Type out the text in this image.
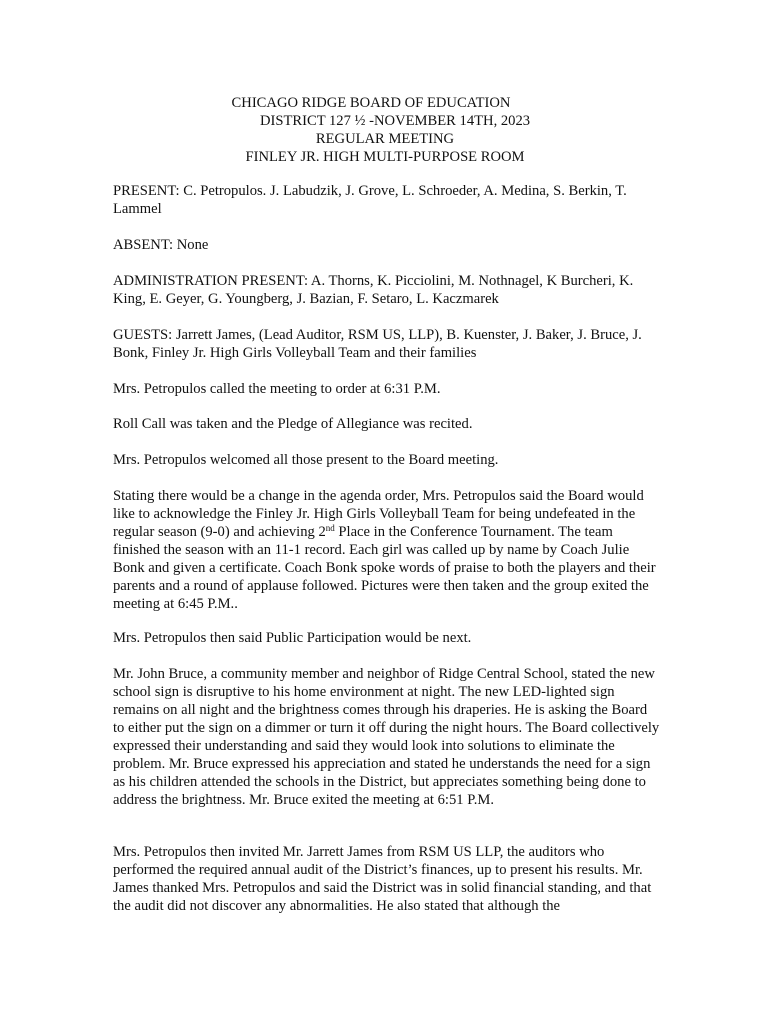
CHICAGO RIDGE BOARD OF EDUCATION
DISTRICT 127 ½ -NOVEMBER 14TH, 2023
REGULAR MEETING
FINLEY JR. HIGH MULTI-PURPOSE ROOM

PRESENT: C. Petropulos. J. Labudzik, J. Grove, L. Schroeder, A. Medina, S. Berkin, T. Lammel

ABSENT: None

ADMINISTRATION PRESENT: A. Thorns, K. Picciolini, M. Nothnagel, K Burcheri, K. King, E. Geyer, G. Youngberg, J. Bazian, F. Setaro, L. Kaczmarek

GUESTS: Jarrett James, (Lead Auditor, RSM US, LLP), B. Kuenster, J. Baker, J. Bruce, J. Bonk, Finley Jr. High Girls Volleyball Team and their families

Mrs. Petropulos called the meeting to order at 6:31 P.M.

Roll Call was taken and the Pledge of Allegiance was recited.

Mrs. Petropulos welcomed all those present to the Board meeting.

Stating there would be a change in the agenda order, Mrs. Petropulos said the Board would like to acknowledge the Finley Jr. High Girls Volleyball Team for being undefeated in the regular season (9-0) and achieving 2nd Place in the Conference Tournament. The team finished the season with an 11-1 record. Each girl was called up by name by Coach Julie Bonk and given a certificate. Coach Bonk spoke words of praise to both the players and their parents and a round of applause followed. Pictures were then taken and the group exited the meeting at 6:45 P.M..

Mrs. Petropulos then said Public Participation would be next.

Mr. John Bruce, a community member and neighbor of Ridge Central School, stated the new school sign is disruptive to his home environment at night. The new LED-lighted sign remains on all night and the brightness comes through his draperies. He is asking the Board to either put the sign on a dimmer or turn it off during the night hours. The Board collectively expressed their understanding and said they would look into solutions to eliminate the problem. Mr. Bruce expressed his appreciation and stated he understands the need for a sign as his children attended the schools in the District, but appreciates something being done to address the brightness. Mr. Bruce exited the meeting at 6:51 P.M.

Mrs. Petropulos then invited Mr. Jarrett James from RSM US LLP, the auditors who performed the required annual audit of the District’s finances, up to present his results. Mr. James thanked Mrs. Petropulos and said the District was in solid financial standing, and that the audit did not discover any abnormalities. He also stated that although the
